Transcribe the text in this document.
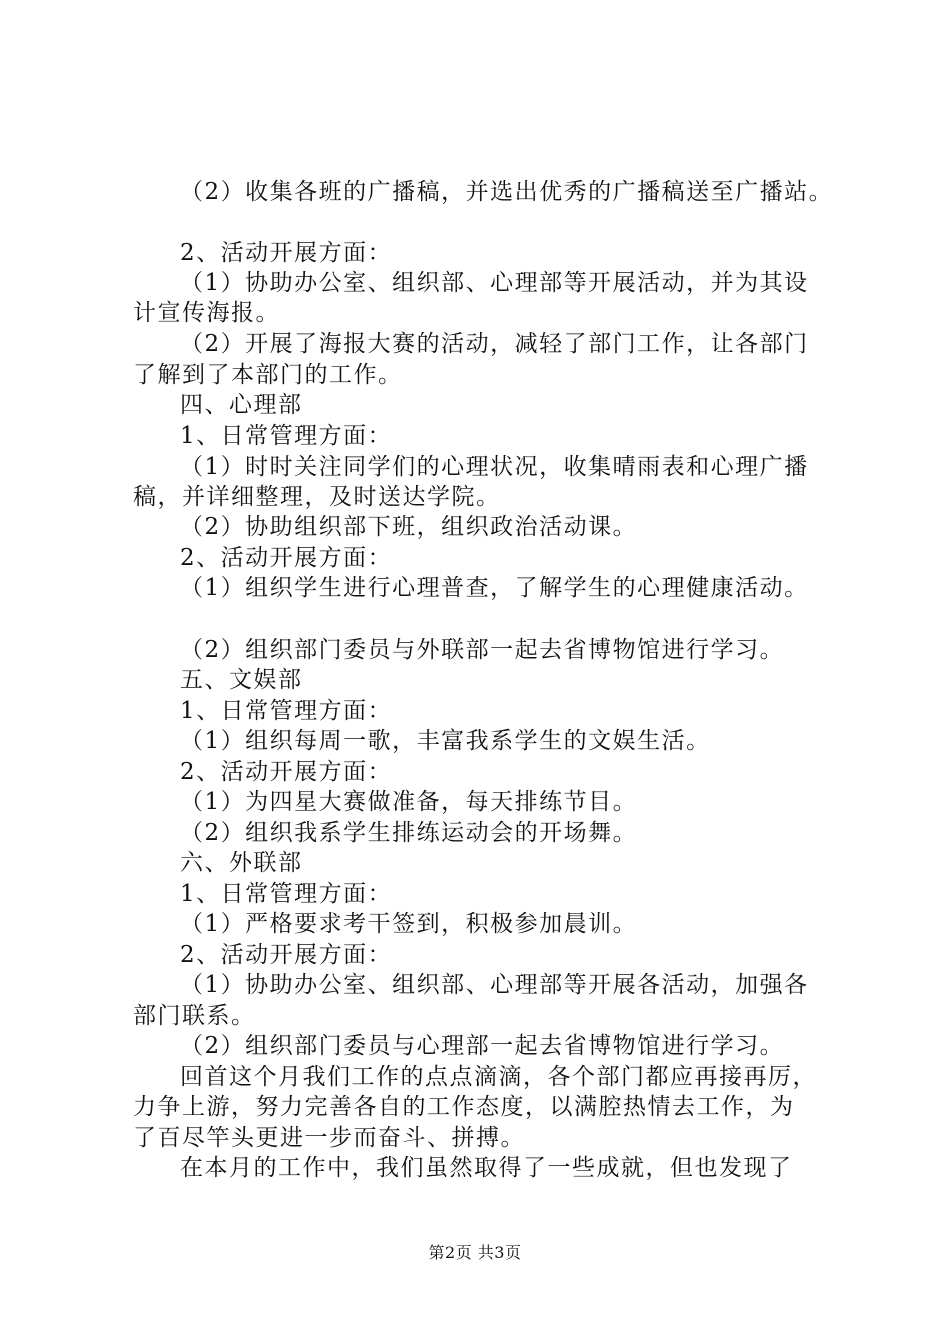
（2）收集各班的广播稿，并选出优秀的广播稿送至广播站。
2、活动开展方面：
（1）协助办公室、组织部、心理部等开展活动，并为其设
计宣传海报。
（2）开展了海报大赛的活动，减轻了部门工作，让各部门
了解到了本部门的工作。
四、心理部
1、日常管理方面：
（1）时时关注同学们的心理状况，收集晴雨表和心理广播
稿，并详细整理，及时送达学院。
（2）协助组织部下班，组织政治活动课。
2、活动开展方面：
（1）组织学生进行心理普查，了解学生的心理健康活动。
（2）组织部门委员与外联部一起去省博物馆进行学习。
五、文娱部
1、日常管理方面：
（1）组织每周一歌，丰富我系学生的文娱生活。
2、活动开展方面：
（1）为四星大赛做准备，每天排练节目。
（2）组织我系学生排练运动会的开场舞。
六、外联部
1、日常管理方面：
（1）严格要求考干签到，积极参加晨训。
2、活动开展方面：
（1）协助办公室、组织部、心理部等开展各活动，加强各
部门联系。
（2）组织部门委员与心理部一起去省博物馆进行学习。
回首这个月我们工作的点点滴滴，各个部门都应再接再厉，
力争上游，努力完善各自的工作态度，以满腔热情去工作，为
了百尽竿头更进一步而奋斗、拼搏。
在本月的工作中，我们虽然取得了一些成就，但也发现了
第2页 共3页
